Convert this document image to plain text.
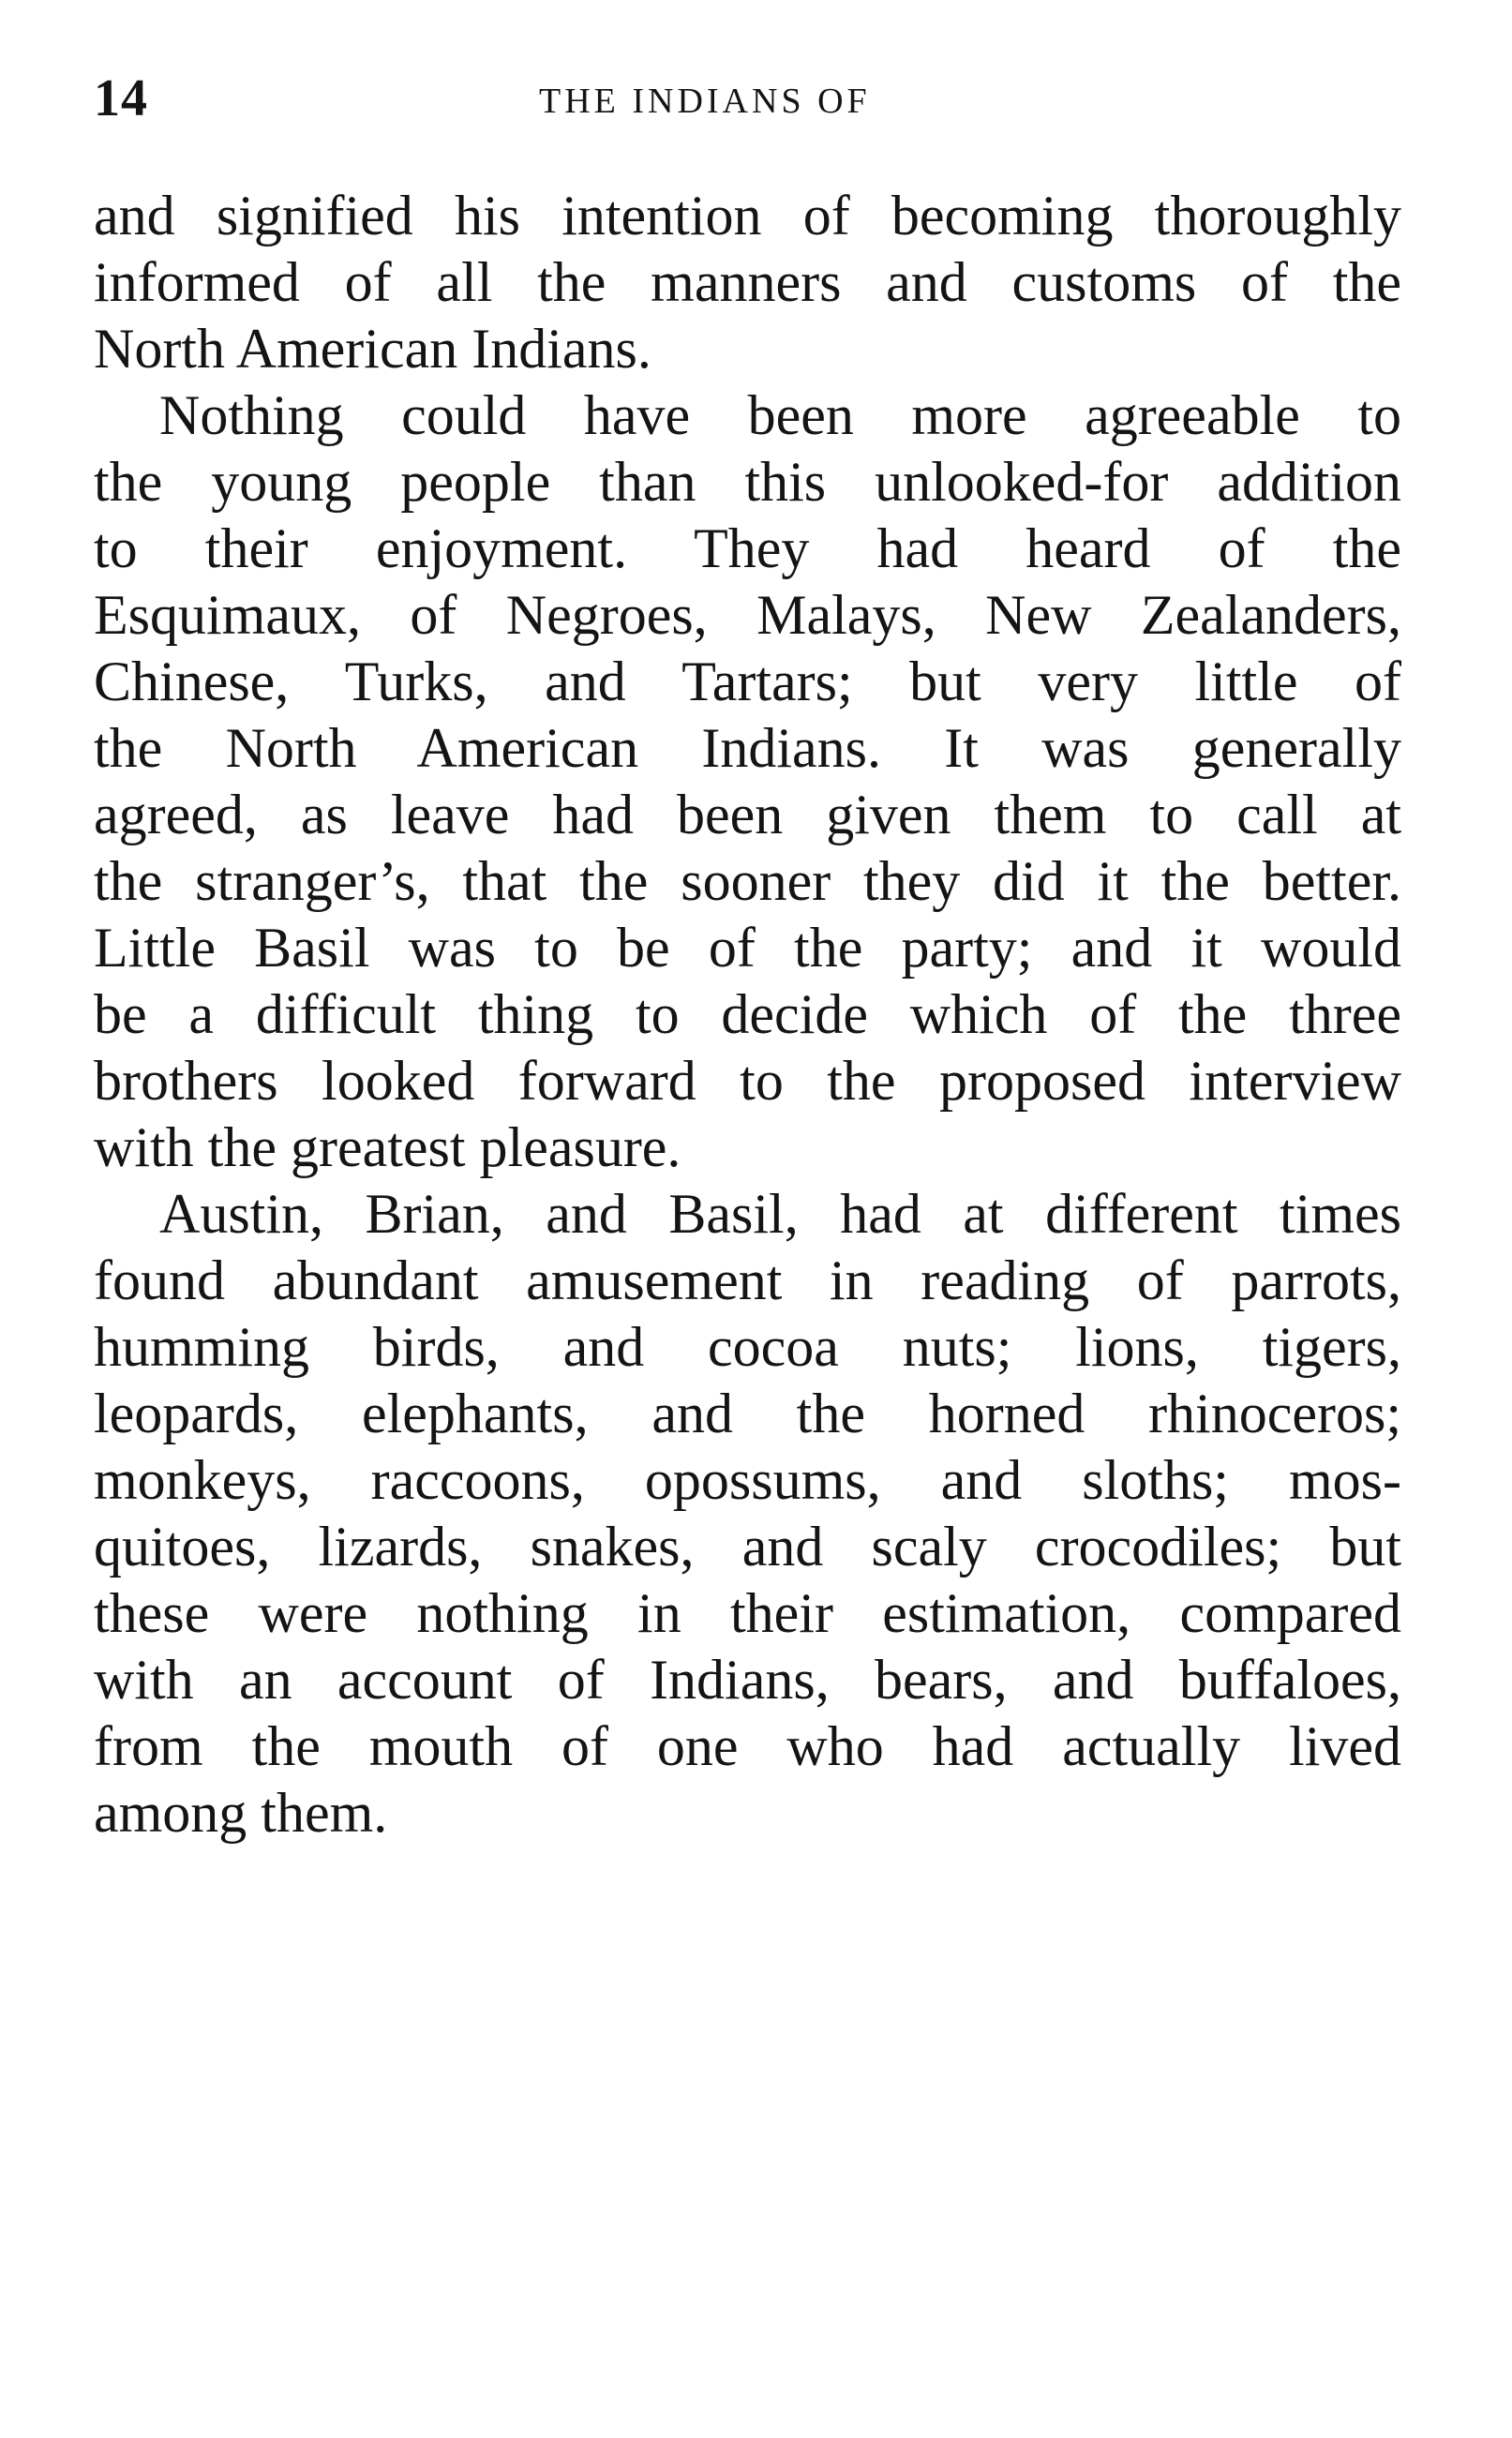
14	THE INDIANS OF
and signified his intention of becoming thoroughly
informed of all the manners and customs of the
North American Indians.
Nothing could have been more agreeable to
the young people than this unlooked-for addition
to their enjoyment. They had heard of the
Esquimaux, of Negroes, Malays, New Zealanders,
Chinese, Turks, and Tartars; but very little of
the North American Indians. It was generally
agreed, as leave had been given them to call at
the stranger’s, that the sooner they did it the better.
Little Basil was to be of the party; and it would
be a difficult thing to decide which of the three
brothers looked forward to the proposed interview
with the greatest pleasure.
Austin, Brian, and Basil, had at different times
found abundant amusement in reading of parrots,
humming birds, and cocoa nuts; lions, tigers,
leopards, elephants, and the horned rhinoceros;
monkeys, raccoons, opossums, and sloths; mos-
quitoes, lizards, snakes, and scaly crocodiles; but
these were nothing in their estimation, compared
with an account of Indians, bears, and buffaloes,
from the mouth of one who had actually lived
among them.
